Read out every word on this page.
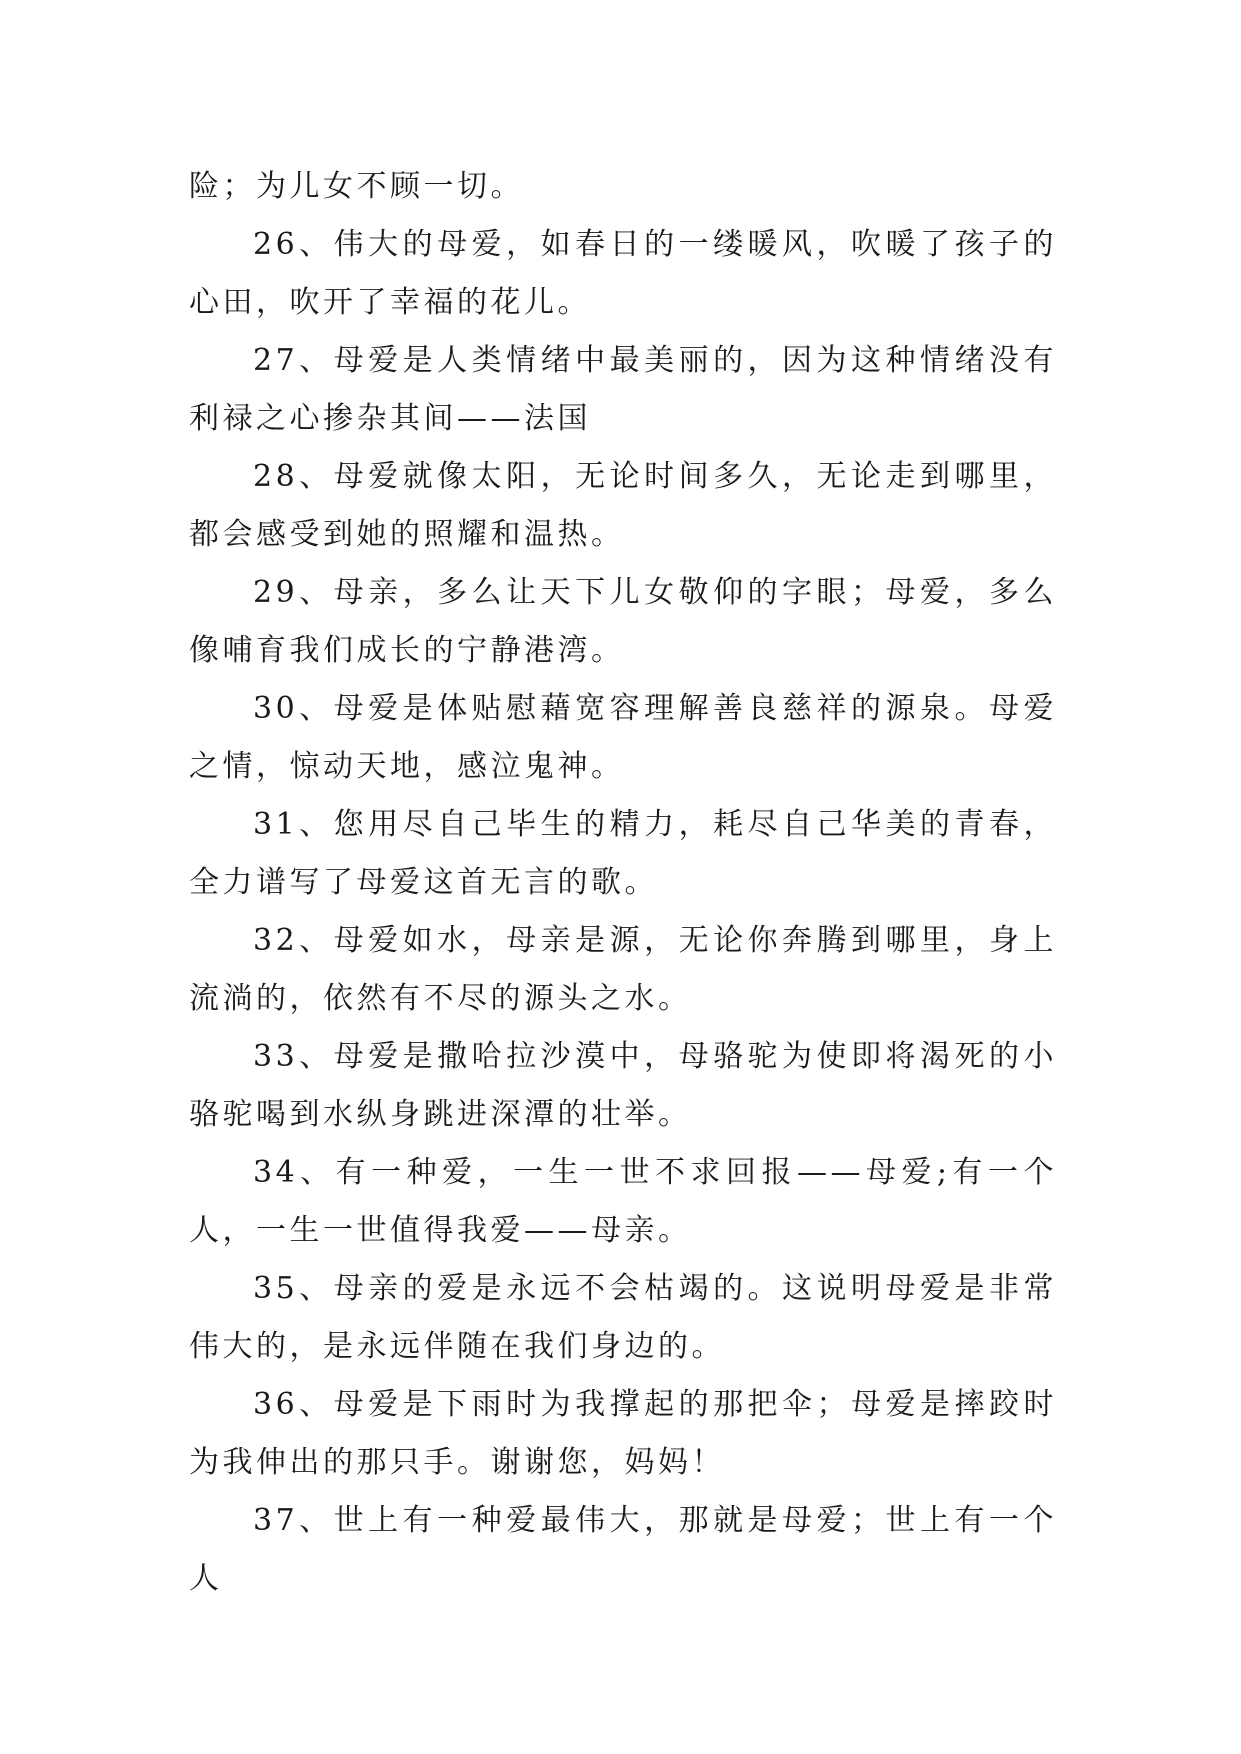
险；为儿女不顾一切。

26、伟大的母爱，如春日的一缕暖风，吹暖了孩子的心田，吹开了幸福的花儿。

27、母爱是人类情绪中最美丽的，因为这种情绪没有利禄之心掺杂其间——法国

28、母爱就像太阳，无论时间多久，无论走到哪里，都会感受到她的照耀和温热。

29、母亲，多么让天下儿女敬仰的字眼；母爱，多么像哺育我们成长的宁静港湾。

30、母爱是体贴慰藉宽容理解善良慈祥的源泉。母爱之情，惊动天地，感泣鬼神。

31、您用尽自己毕生的精力，耗尽自己华美的青春，全力谱写了母爱这首无言的歌。

32、母爱如水，母亲是源，无论你奔腾到哪里，身上流淌的，依然有不尽的源头之水。

33、母爱是撒哈拉沙漠中，母骆驼为使即将渴死的小骆驼喝到水纵身跳进深潭的壮举。

34、有一种爱，一生一世不求回报——母爱;有一个人，一生一世值得我爱——母亲。

35、母亲的爱是永远不会枯竭的。这说明母爱是非常伟大的，是永远伴随在我们身边的。

36、母爱是下雨时为我撑起的那把伞；母爱是摔跤时为我伸出的那只手。谢谢您，妈妈！

37、世上有一种爱最伟大，那就是母爱；世上有一个人
